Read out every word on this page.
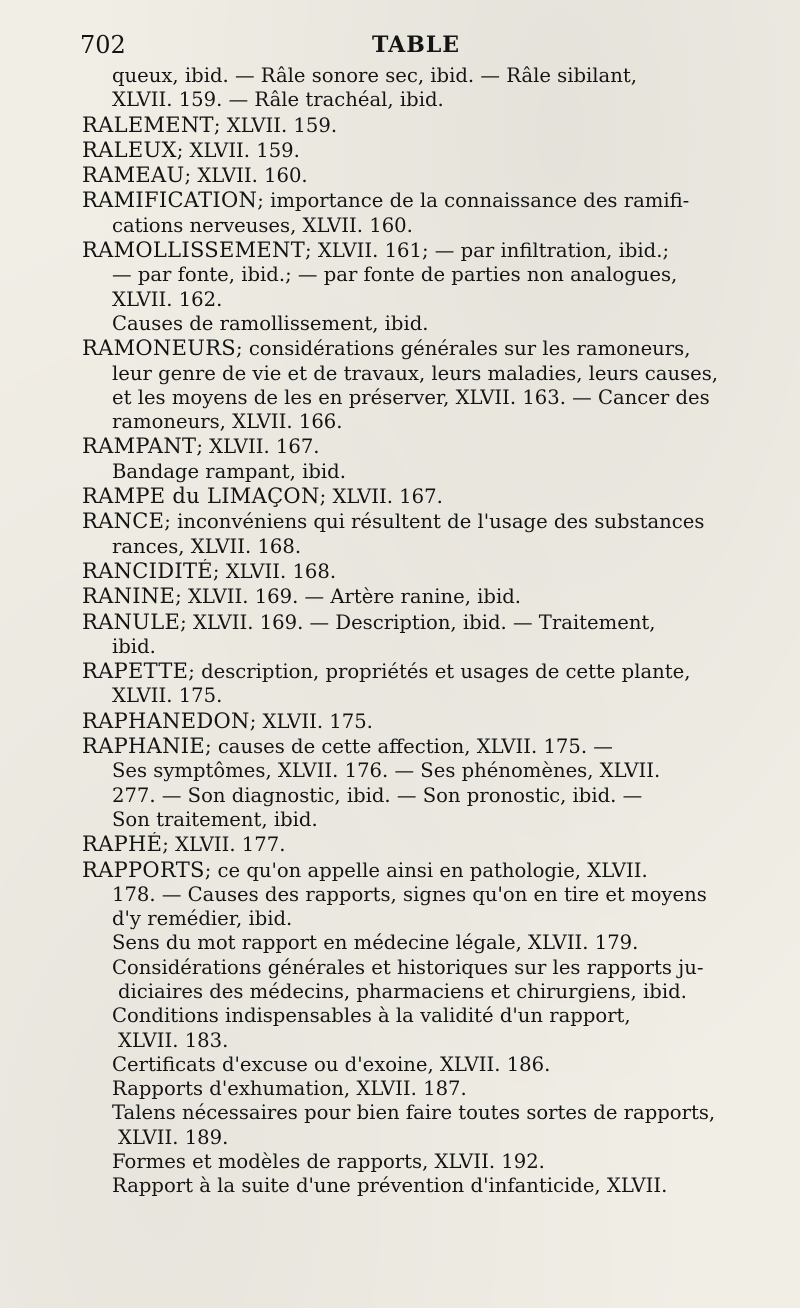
702	TABLE
queux, ibid. — Râle sonore sec, ibid. — Râle sibilant,
XLVII. 159. — Râle trachéal, ibid.
RALEMENT; XLVII. 159.
RALEUX; XLVII. 159.
RAMEAU; XLVII. 160.
RAMIFICATION; importance de la connaissance des ramifi-
cations nerveuses, XLVII. 160.
RAMOLLISSEMENT; XLVII. 161; — par infiltration, ibid.;
— par fonte, ibid.; — par fonte de parties non analogues,
XLVII. 162.
Causes de ramollissement, ibid.
RAMONEURS; considérations générales sur les ramoneurs,
leur genre de vie et de travaux, leurs maladies, leurs causes,
et les moyens de les en préserver, XLVII. 163. — Cancer des
ramoneurs, XLVII. 166.
RAMPANT; XLVII. 167.
Bandage rampant, ibid.
RAMPE du LIMAÇON; XLVII. 167.
RANCE; inconvéniens qui résultent de l'usage des substances
rances, XLVII. 168.
RANCIDITÉ; XLVII. 168.
RANINE; XLVII. 169. — Artère ranine, ibid.
RANULE; XLVII. 169. — Description, ibid. — Traitement,
ibid.
RAPETTE; description, propriétés et usages de cette plante,
XLVII. 175.
RAPHANEDON; XLVII. 175.
RAPHANIE; causes de cette affection, XLVII. 175. —
Ses symptômes, XLVII. 176. — Ses phénomènes, XLVII.
277. — Son diagnostic, ibid. — Son pronostic, ibid. —
Son traitement, ibid.
RAPHÉ; XLVII. 177.
RAPPORTS; ce qu'on appelle ainsi en pathologie, XLVII.
178. — Causes des rapports, signes qu'on en tire et moyens
d'y remédier, ibid.
Sens du mot rapport en médecine légale, XLVII. 179.
Considérations générales et historiques sur les rapports ju-
diciaires des médecins, pharmaciens et chirurgiens, ibid.
Conditions indispensables à la validité d'un rapport,
XLVII. 183.
Certificats d'excuse ou d'exoine, XLVII. 186.
Rapports d'exhumation, XLVII. 187.
Talens nécessaires pour bien faire toutes sortes de rapports,
XLVII. 189.
Formes et modèles de rapports, XLVII. 192.
Rapport à la suite d'une prévention d'infanticide, XLVII.
